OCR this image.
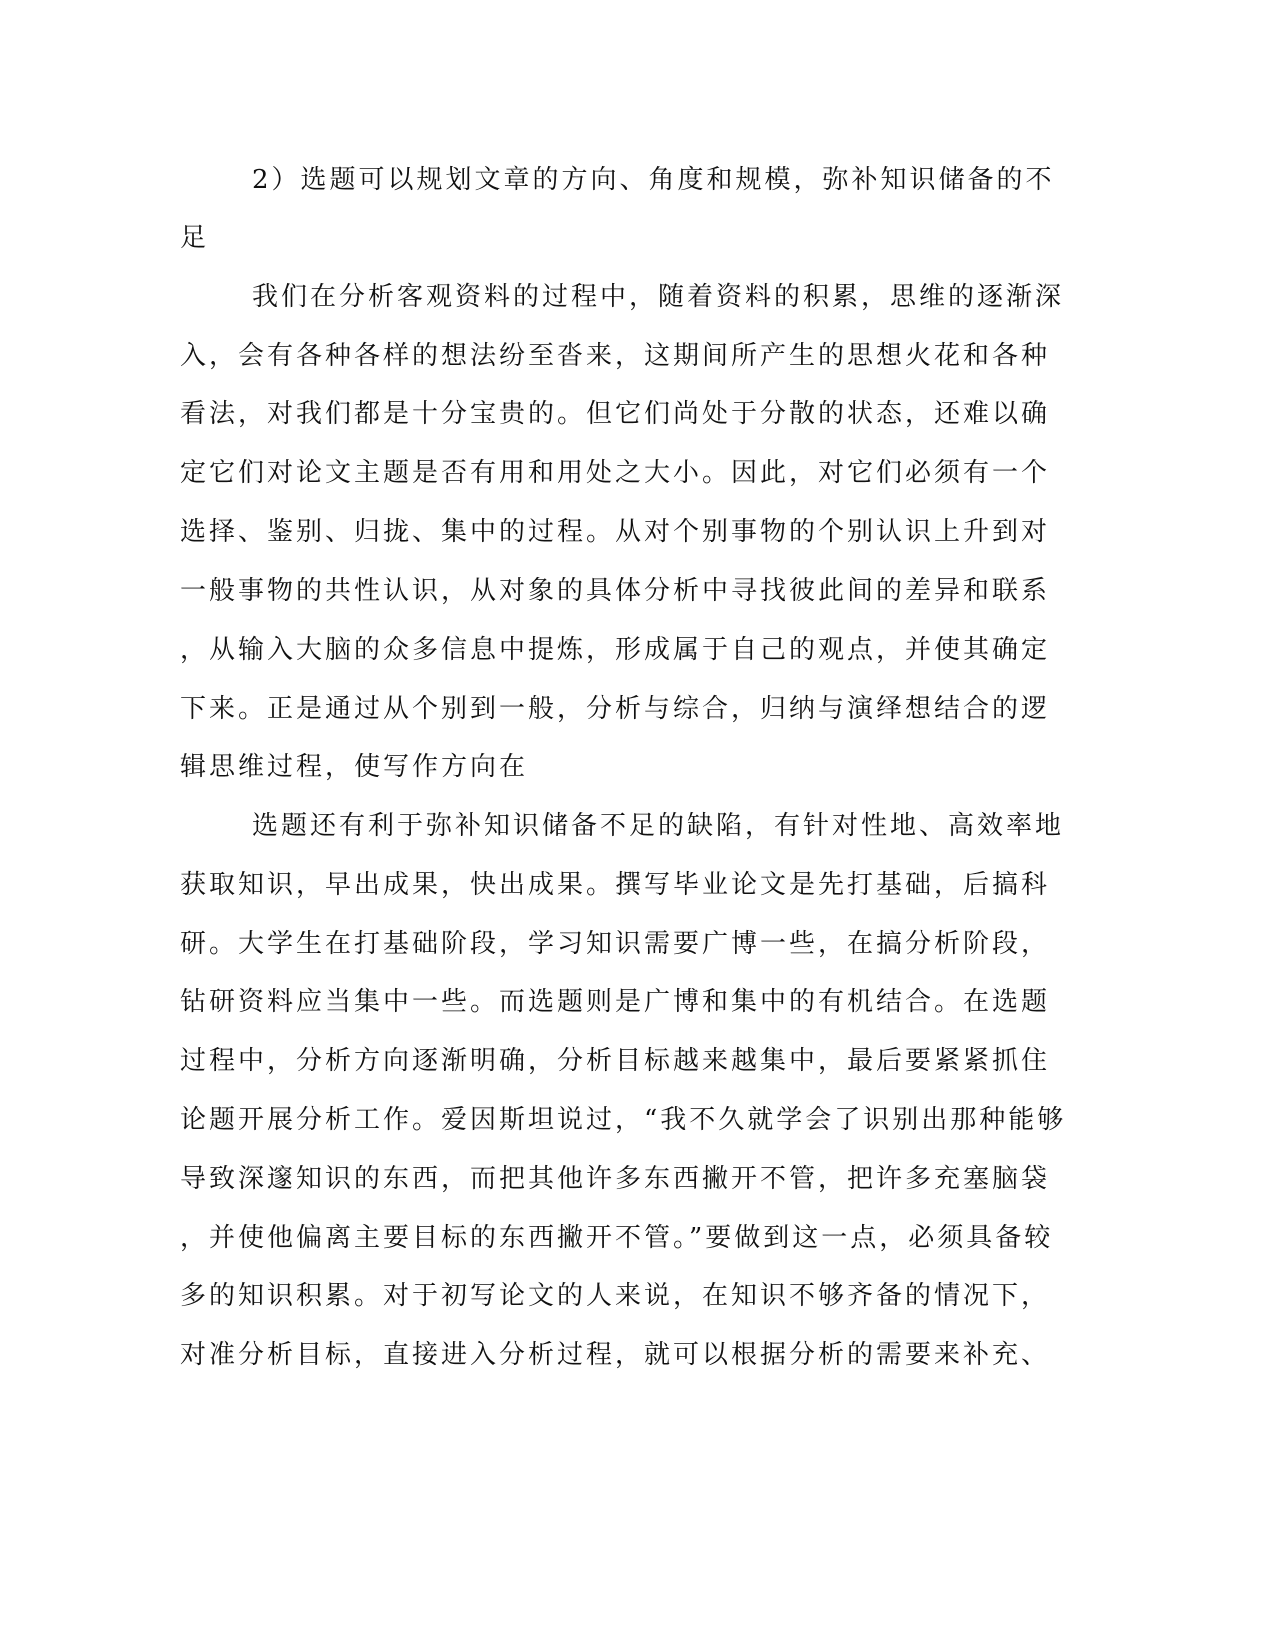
2）选题可以规划文章的方向、角度和规模，弥补知识储备的不
足
我们在分析客观资料的过程中，随着资料的积累，思维的逐渐深
入，会有各种各样的想法纷至沓来，这期间所产生的思想火花和各种
看法，对我们都是十分宝贵的。但它们尚处于分散的状态，还难以确
定它们对论文主题是否有用和用处之大小。因此，对它们必须有一个
选择、鉴别、归拢、集中的过程。从对个别事物的个别认识上升到对
一般事物的共性认识，从对象的具体分析中寻找彼此间的差异和联系
，从输入大脑的众多信息中提炼，形成属于自己的观点，并使其确定
下来。正是通过从个别到一般，分析与综合，归纳与演绎想结合的逻
辑思维过程，使写作方向在
选题还有利于弥补知识储备不足的缺陷，有针对性地、高效率地
获取知识，早出成果，快出成果。撰写毕业论文是先打基础，后搞科
研。大学生在打基础阶段，学习知识需要广博一些，在搞分析阶段，
钻研资料应当集中一些。而选题则是广博和集中的有机结合。在选题
过程中，分析方向逐渐明确，分析目标越来越集中，最后要紧紧抓住
论题开展分析工作。爱因斯坦说过，“我不久就学会了识别出那种能够
导致深邃知识的东西，而把其他许多东西撇开不管，把许多充塞脑袋
，并使他偏离主要目标的东西撇开不管。”要做到这一点，必须具备较
多的知识积累。对于初写论文的人来说，在知识不够齐备的情况下，
对准分析目标，直接进入分析过程，就可以根据分析的需要来补充、
